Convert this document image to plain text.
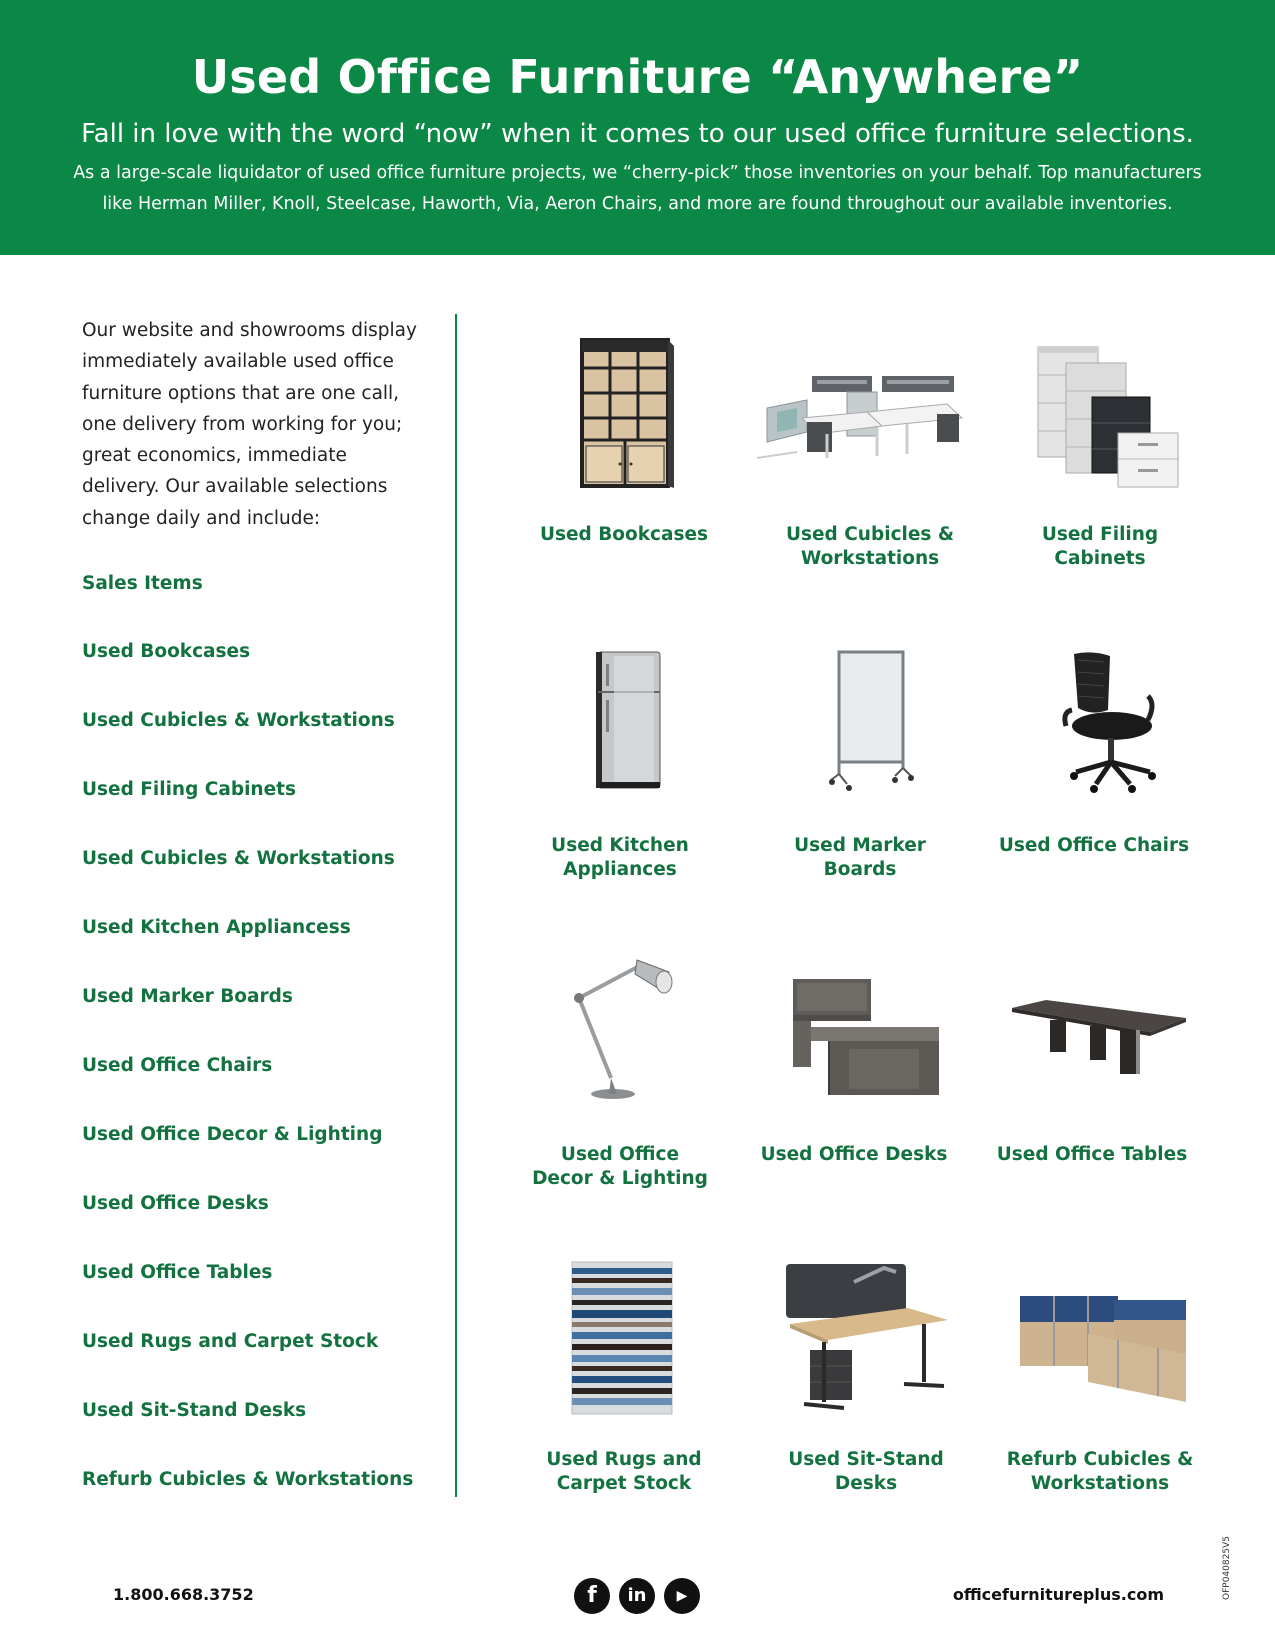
Used Office Furniture “Anywhere”
Fall in love with the word “now” when it comes to our used office furniture selections.

As a large-scale liquidator of used office furniture projects, we “cherry-pick” those inventories on your behalf. Top manufacturers like Herman Miller, Knoll, Steelcase, Haworth, Via, Aeron Chairs, and more are found throughout our available inventories.

Our website and showrooms display immediately available used office furniture options that are one call, one delivery from working for you; great economics, immediate delivery. Our available selections change daily and include:
Sales Items
Used Bookcases
Used Cubicles & Workstations
Used Filing Cabinets
Used Cubicles & Workstations
Used Kitchen Appliancess
Used Marker Boards
Used Office Chairs
Used Office Decor & Lighting
Used Office Desks
Used Office Tables
Used Rugs and Carpet Stock
Used Sit-Stand Desks
Refurb Cubicles & Workstations
Used Bookcases	Used Cubicles &
Workstations
Used Filing
Cabinets
Used Kitchen
Appliances
Used Marker
Boards
Used Office Chairs
Used Office
Decor & Lighting
Used Office Desks	Used Office Tables
Used Rugs and
Carpet Stock
Used Sit-Stand
Desks
Refurb Cubicles &
Workstations
1.800.668.3752	f	in	▶	officefurnitureplus.com	OFP040825V5
